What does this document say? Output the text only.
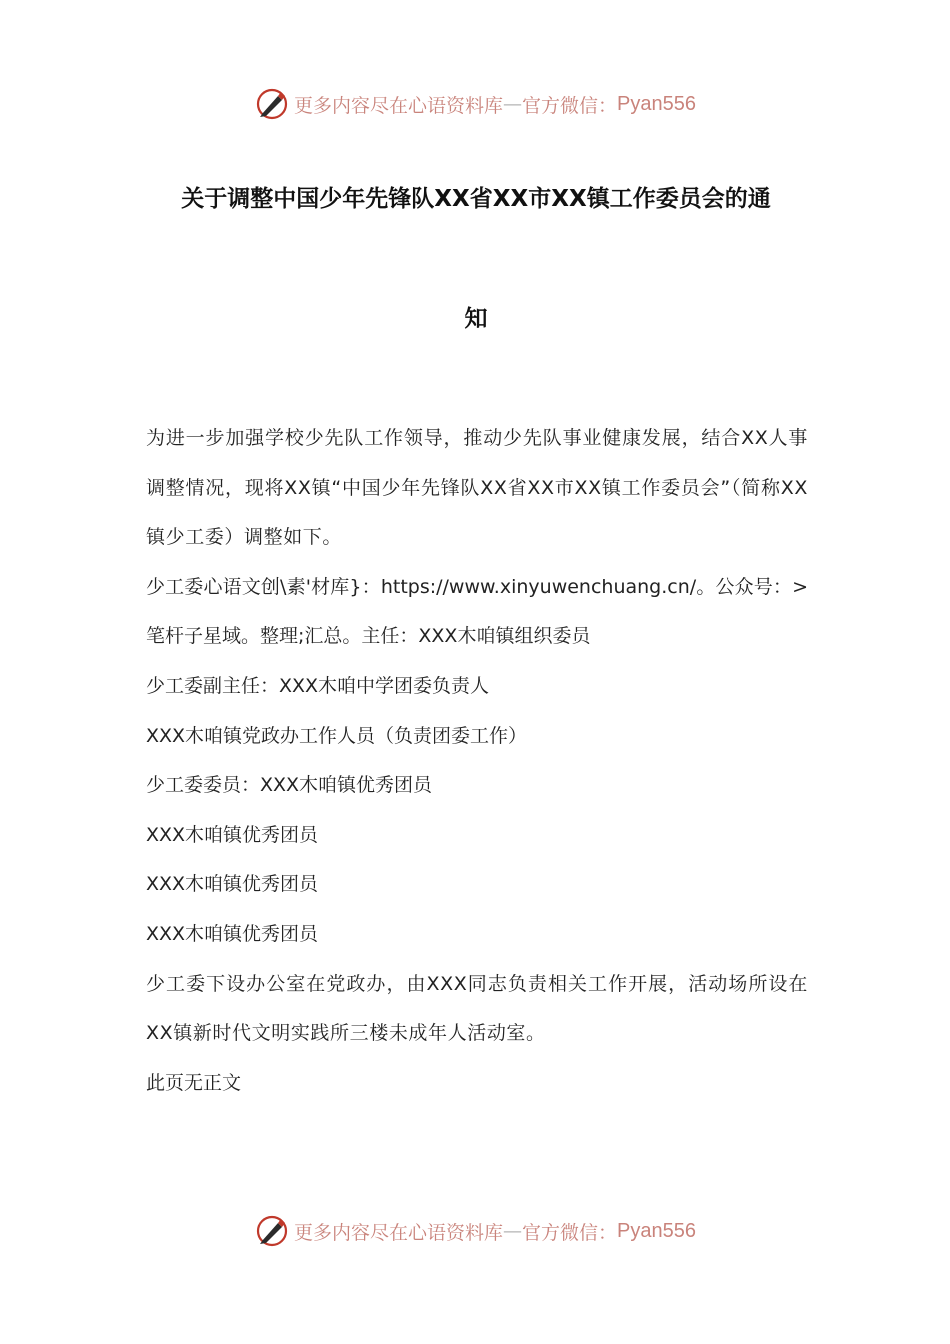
更多内容尽在心语资料库 — 官方微信： Pyan556
关于调整中国少年先锋队XX省XX市XX镇工作委员会的通
知

为进一步加强学校少先队工作领导，推动少先队事业健康发展，结合XX人事调整情况，现将XX镇“中国少年先锋队XX省XX市XX镇工作委员会”（简称XX镇少工委）调整如下。

少工委心语文创\素'材库}：https://www.xinyuwenchuang.cn/。公众号：>笔杆子星域。整理;汇总。主任：XXX木咱镇组织委员

少工委副主任：XXX木咱中学团委负责人

XXX木咱镇党政办工作人员（负责团委工作）

少工委委员：XXX木咱镇优秀团员

XXX木咱镇优秀团员

XXX木咱镇优秀团员

XXX木咱镇优秀团员

少工委下设办公室在党政办，由XXX同志负责相关工作开展，活动场所设在XX镇新时代文明实践所三楼未成年人活动室。

此页无正文

更多内容尽在心语资料库 — 官方微信： Pyan556
